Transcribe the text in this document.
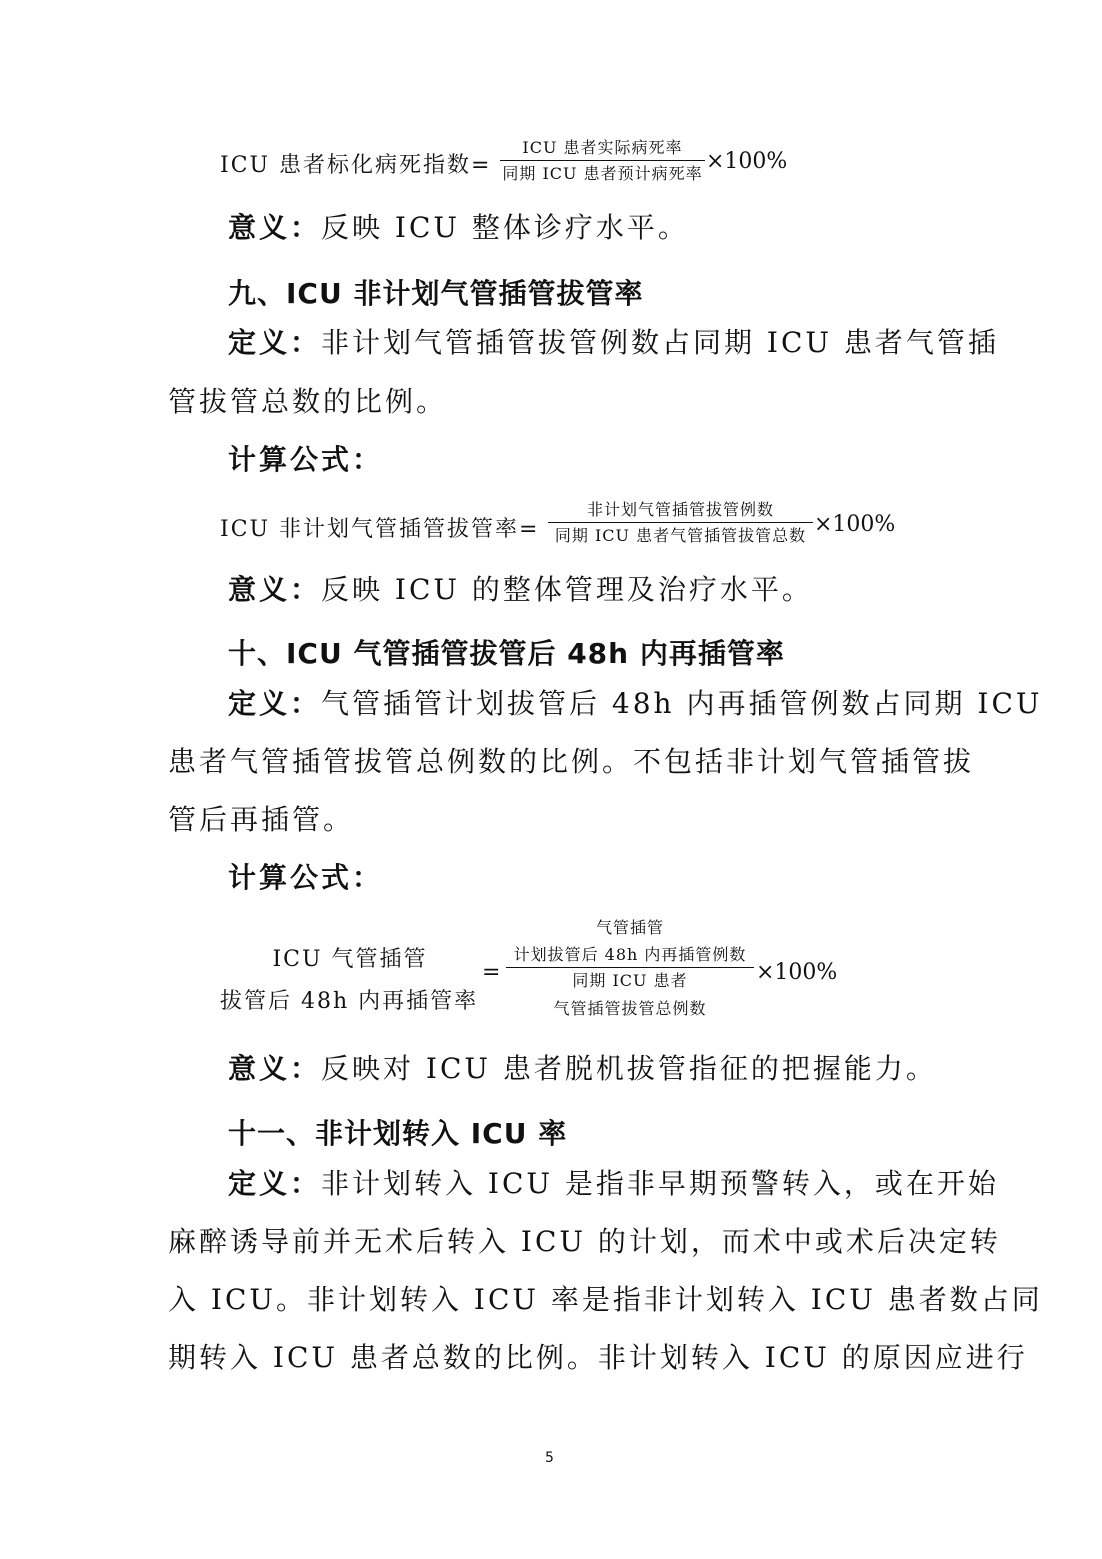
ICU 患者标化病死指数=
ICU 患者实际病死率
同期 ICU 患者预计病死率 ×100%
意义：反映 ICU 整体诊疗水平。
九、ICU 非计划气管插管拔管率
定义：非计划气管插管拔管例数占同期 ICU 患者气管插
管拔管总数的比例。
计算公式：
ICU 非计划气管插管拔管率=
非计划气管插管拔管例数
同期 ICU 患者气管插管拔管总数 ×100%
意义：反映 ICU 的整体管理及治疗水平。
十、ICU 气管插管拔管后 48h 内再插管率
定义：气管插管计划拔管后 48h 内再插管例数占同期 ICU
患者气管插管拔管总例数的比例。不包括非计划气管插管拔
管后再插管。
计算公式：
ICU 气管插管
拔管后 48h 内再插管率
=
气管插管
计划拔管后 48h 内再插管例数
同期 ICU 患者
气管插管拔管总例数
×100%
意义：反映对 ICU 患者脱机拔管指征的把握能力。
十一、非计划转入 ICU 率
定义：非计划转入 ICU 是指非早期预警转入，或在开始
麻醉诱导前并无术后转入 ICU 的计划，而术中或术后决定转
入 ICU。非计划转入 ICU 率是指非计划转入 ICU 患者数占同
期转入 ICU 患者总数的比例。非计划转入 ICU 的原因应进行
5
